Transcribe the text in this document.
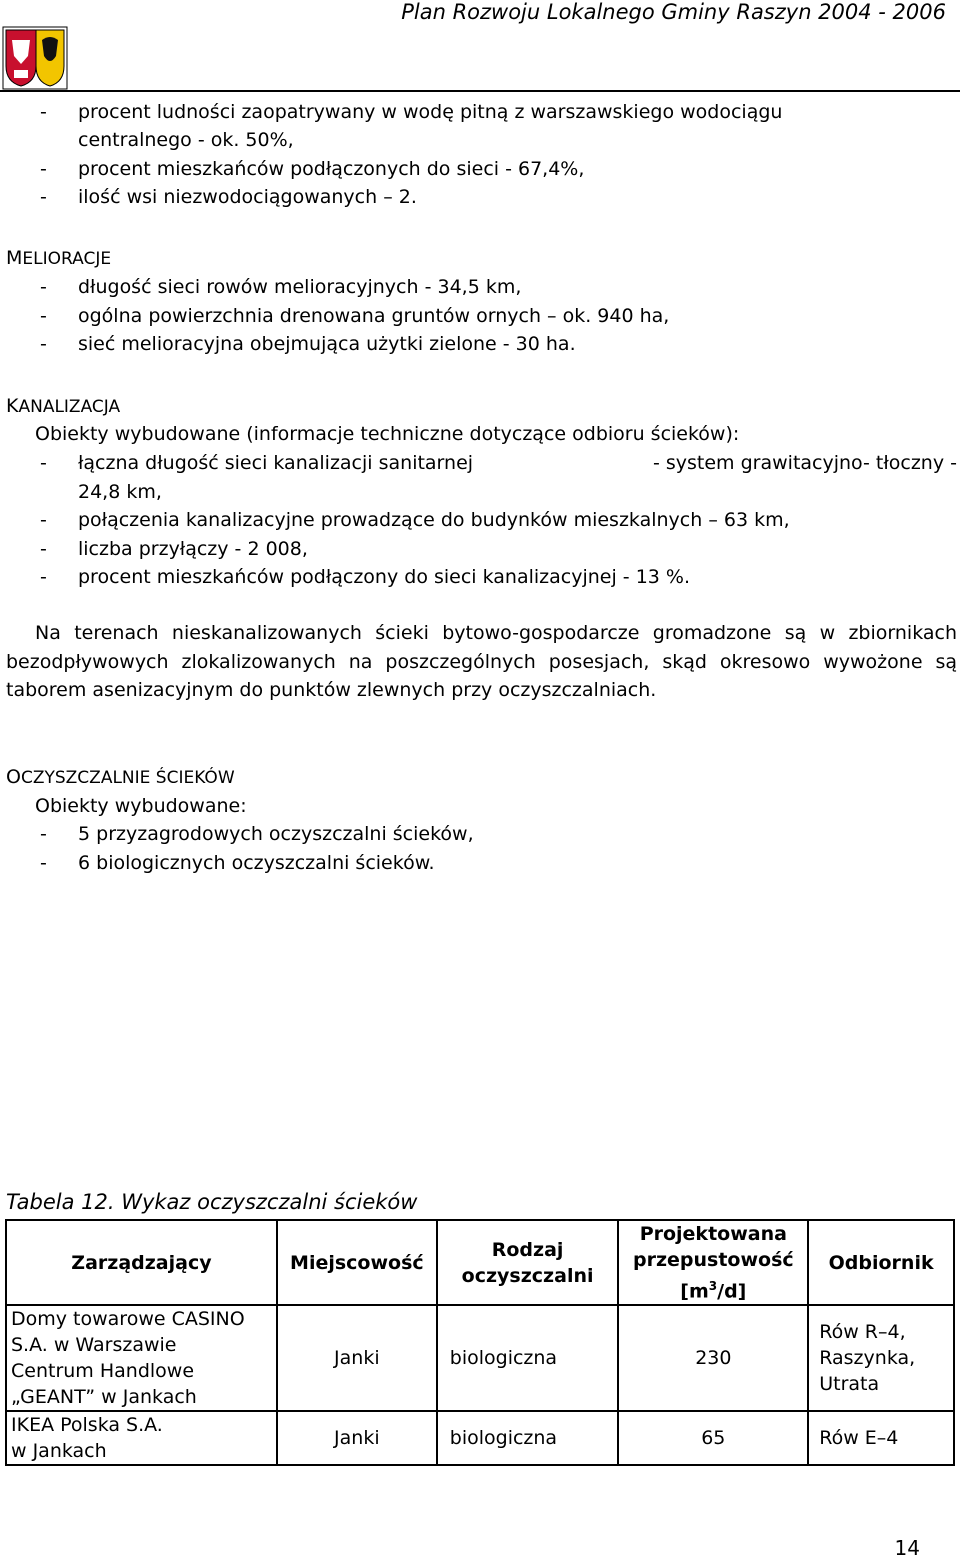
Plan Rozwoju Lokalnego Gminy Raszyn 2004 - 2006
- procent ludności zaopatrywany w wodę pitną z warszawskiego wodociągu
centralnego - ok. 50%,
- procent mieszkańców podłączonych do sieci - 67,4%,
- ilość wsi niezwodociągowanych – 2.
MELIORACJE
- długość sieci rowów melioracyjnych - 34,5 km,
- ogólna powierzchnia drenowana gruntów ornych – ok. 940 ha,
- sieć melioracyjna obejmująca użytki zielone - 30 ha.
KANALIZACJA
Obiekty wybudowane (informacje techniczne dotyczące odbioru ścieków):
- łączna długość sieci kanalizacji sanitarnej	- system grawitacyjno- tłoczny -
24,8 km,
- połączenia kanalizacyjne prowadzące do budynków mieszkalnych – 63 km,
- liczba przyłączy - 2 008,
- procent mieszkańców podłączony do sieci kanalizacyjnej - 13 %.
Na terenach nieskanalizowanych ścieki bytowo-gospodarcze gromadzone są w zbiornikach bezodpływowych zlokalizowanych na poszczególnych posesjach, skąd okresowo wywożone są taborem asenizacyjnym do punktów zlewnych przy oczyszczalniach.
OCZYSZCZALNIE ŚCIEKÓW
Obiekty wybudowane:
- 5 przyzagrodowych oczyszczalni ścieków,
- 6 biologicznych oczyszczalni ścieków.
Tabela 12. Wykaz oczyszczalni ścieków
Zarządzający	Miejscowość	Rodzaj
oczyszczalni	Projektowana
przepustowość
$[m^3/d]$	Odbiornik
Domy towarowe CASINO
S.A. w Warszawie
Centrum Handlowe
„GEANT” w Jankach	Janki	biologiczna	230	Rów R–4,
Raszynka,
Utrata
IKEA Polska S.A.
w Jankach	Janki	biologiczna	65	Rów E–4
14
